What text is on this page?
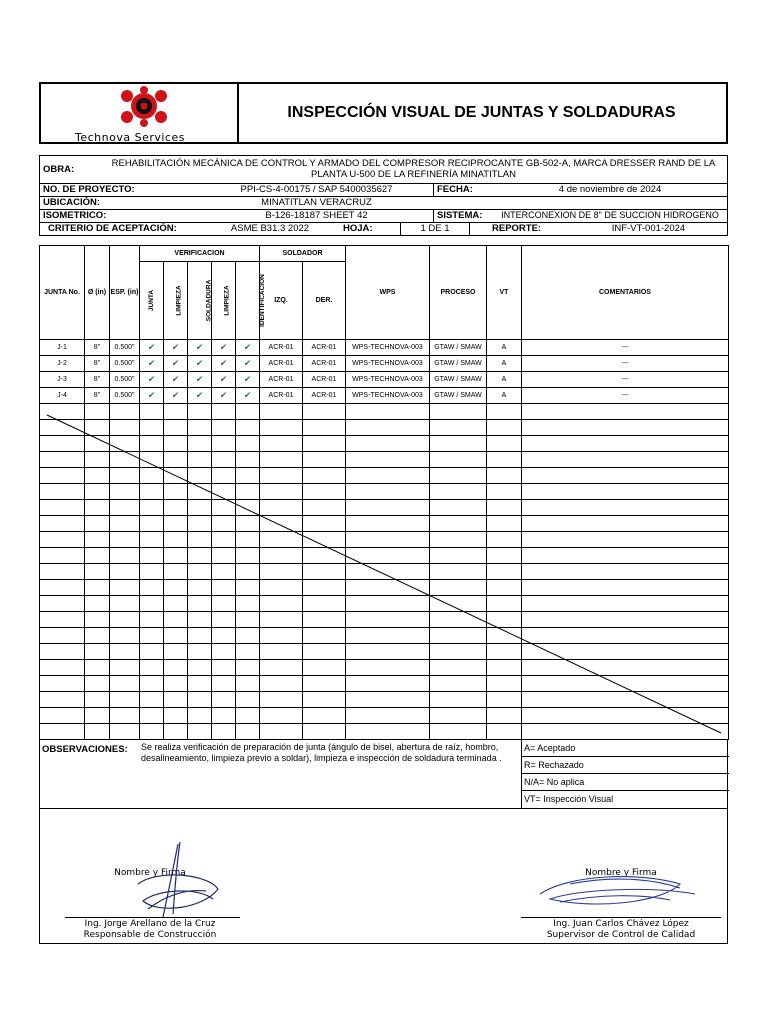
Technova Services
INSPECCIÓN VISUAL DE JUNTAS Y SOLDADURAS
OBRA:
REHABILITACIÓN MECÁNICA DE CONTROL Y ARMADO DEL COMPRESOR RECIPROCANTE GB-502-A, MARCA DRESSER RAND DE LA
PLANTA U-500 DE LA REFINERÍA MINATITLAN
NO. DE PROYECTO:	PPI-CS-4-00175 / SAP 5400035627	FECHA:	4 de noviembre de 2024
UBICACIÓN:	MINATITLAN VERACRUZ
ISOMETRICO:	B-126-18187 SHEET 42	SISTEMA:	INTERCONEXION DE 8" DE SUCCION HIDROGENO
CRITERIO DE ACEPTACIÓN:	ASME B31.3 2022	HOJA:	1 DE 1	REPORTE:	INF-VT-001-2024
JUNTA No.	Ø (in)	ESP. (in)	VERIFICACION					SOLDADOR		WPS	PROCESO	VT	COMENTARIOS
			JUNTA	LIMPIEZA	SOLDADURA	LIMPIEZA	IDENTIFICACION	IZQ.	DER.				
J-1	8"	0.500"	✔	✔	✔	✔	✔	ACR-01	ACR-01	WPS-TECHNOVA-003	GTAW / SMAW	A	---
J-2	8"	0.500"	✔	✔	✔	✔	✔	ACR-01	ACR-01	WPS-TECHNOVA-003	GTAW / SMAW	A	---
J-3	8"	0.500"	✔	✔	✔	✔	✔	ACR-01	ACR-01	WPS-TECHNOVA-003	GTAW / SMAW	A	---
J-4	8"	0.500"	✔	✔	✔	✔	✔	ACR-01	ACR-01	WPS-TECHNOVA-003	GTAW / SMAW	A	---

OBSERVACIONES: Se realiza verificación de preparación de junta (ángulo de bisel, abertura de raíz, hombro,
desalineamiento, limpieza previo a soldar), limpieza e inspección de soldadura terminada .
A= Aceptado
R= Rechazado
N/A= No aplica
VT= Inspección Visual
Nombre y Firma
Ing. Jorge Arellano de la Cruz
Responsable de Construcción
Nombre y Firma
Ing. Juan Carlos Chávez López
Supervisor de Control de Calidad
